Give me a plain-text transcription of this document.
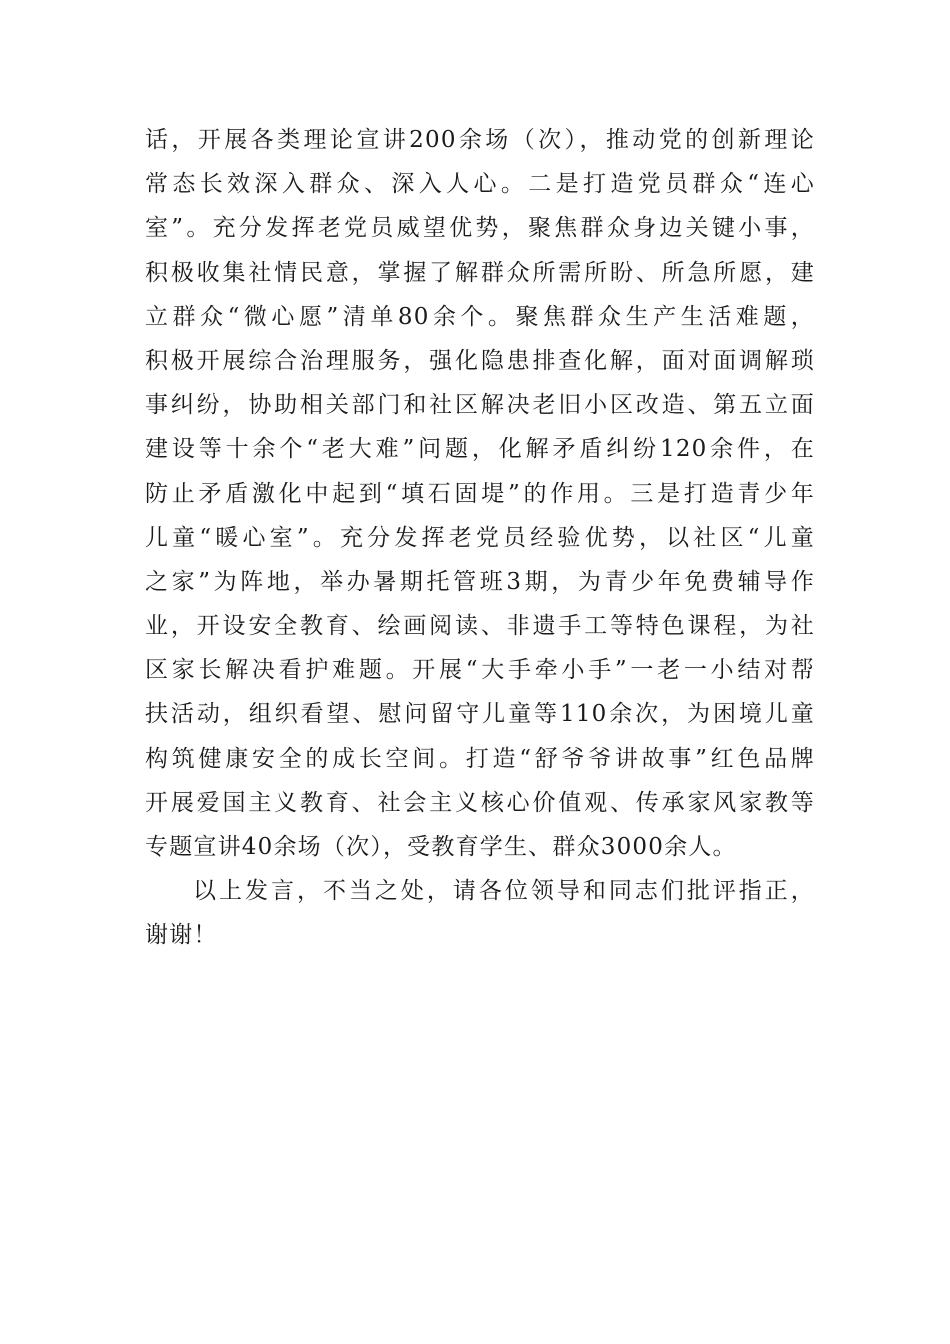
话，开展各类理论宣讲200余场（次），推动党的创新理论
常态长效深入群众、深入人心。二是打造党员群众“连心
室”。充分发挥老党员威望优势，聚焦群众身边关键小事，
积极收集社情民意，掌握了解群众所需所盼、所急所愿，建
立群众“微心愿”清单80余个。聚焦群众生产生活难题，
积极开展综合治理服务，强化隐患排查化解，面对面调解琐
事纠纷，协助相关部门和社区解决老旧小区改造、第五立面
建设等十余个“老大难”问题，化解矛盾纠纷120余件，在
防止矛盾激化中起到“填石固堤”的作用。三是打造青少年
儿童“暖心室”。充分发挥老党员经验优势，以社区“儿童
之家”为阵地，举办暑期托管班3期，为青少年免费辅导作
业，开设安全教育、绘画阅读、非遗手工等特色课程，为社
区家长解决看护难题。开展“大手牵小手”一老一小结对帮
扶活动，组织看望、慰问留守儿童等110余次，为困境儿童
构筑健康安全的成长空间。打造“舒爷爷讲故事”红色品牌
开展爱国主义教育、社会主义核心价值观、传承家风家教等
专题宣讲40余场（次），受教育学生、群众3000余人。
以上发言，不当之处，请各位领导和同志们批评指正，
谢谢！
